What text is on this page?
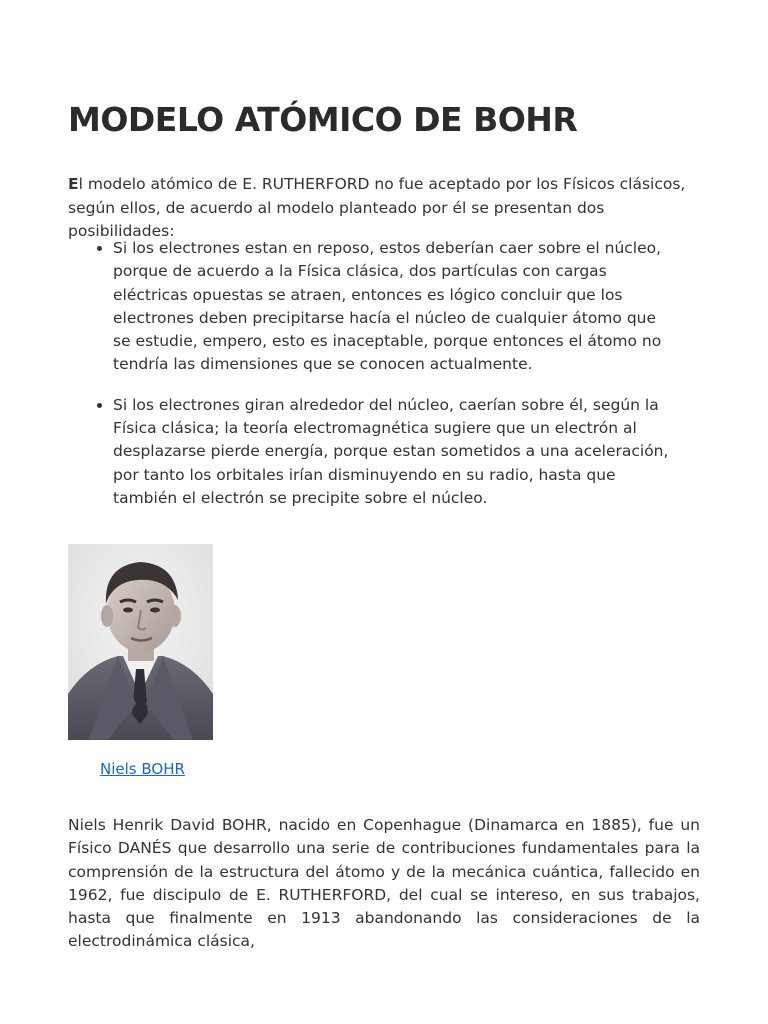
MODELO ATÓMICO DE BOHR

El modelo atómico de E. RUTHERFORD no fue aceptado por los Físicos clásicos, según ellos, de acuerdo al modelo planteado por él se presentan dos posibilidades:

• Si los electrones estan en reposo, estos deberían caer sobre el núcleo, porque de acuerdo a la Física clásica, dos partículas con cargas eléctricas opuestas se atraen, entonces es lógico concluir que los electrones deben precipitarse hacía el núcleo de cualquier átomo que se estudie, empero, esto es inaceptable, porque entonces el átomo no tendría las dimensiones que se conocen actualmente.
• Si los electrones giran alrededor del núcleo, caerían sobre él, según la Física clásica; la teoría electromagnética sugiere que un electrón al desplazarse pierde energía, porque estan sometidos a una aceleración, por tanto los orbitales irían disminuyendo en su radio, hasta que también el electrón se precipite sobre el núcleo.
Niels BOHR

Niels Henrik David BOHR, nacido en Copenhague (Dinamarca en 1885), fue un Físico DANÉS que desarrollo una serie de contribuciones fundamentales para la comprensión de la estructura del átomo y de la mecánica cuántica, fallecido en 1962, fue discipulo de E. RUTHERFORD, del cual se intereso, en sus trabajos, hasta que finalmente en 1913 abandonando las consideraciones de la electrodinámica clásica,
